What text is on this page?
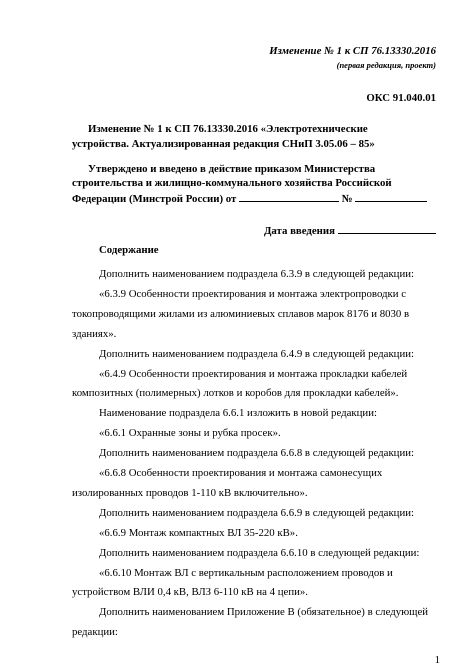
Изменение № 1 к СП 76.13330.2016
(первая редакция, проект)
ОКС 91.040.01
Изменение № 1 к СП 76.13330.2016 «Электротехнические
устройства. Актуализированная редакция СНиП 3.05.06 – 85»
Утверждено и введено в действие приказом Министерства
строительства и жилищно-коммунального хозяйства Российской
Федерации (Минстрой России) от	№
Дата введения
Содержание
Дополнить наименованием подраздела 6.3.9 в следующей редакции:
«6.3.9 Особенности проектирования и монтажа электропроводки с
токопроводящими жилами из алюминиевых сплавов марок 8176 и 8030 в
зданиях».
Дополнить наименованием подраздела 6.4.9 в следующей редакции:
«6.4.9 Особенности проектирования и монтажа прокладки кабелей
композитных (полимерных) лотков и коробов для прокладки кабелей».
Наименование подраздела 6.6.1 изложить в новой редакции:
«6.6.1 Охранные зоны и рубка просек».
Дополнить наименованием подраздела 6.6.8 в следующей редакции:
«6.6.8 Особенности проектирования и монтажа самонесущих
изолированных проводов 1-110 кВ включительно».
Дополнить наименованием подраздела 6.6.9 в следующей редакции:
«6.6.9 Монтаж компактных ВЛ 35-220 кВ».
Дополнить наименованием подраздела 6.6.10 в следующей редакции:
«6.6.10 Монтаж ВЛ с вертикальным расположением проводов и
устройством ВЛИ 0,4 кВ, ВЛЗ 6-110 кВ на 4 цепи».
1
Дополнить наименованием Приложение В (обязательное) в следующей
редакции:
